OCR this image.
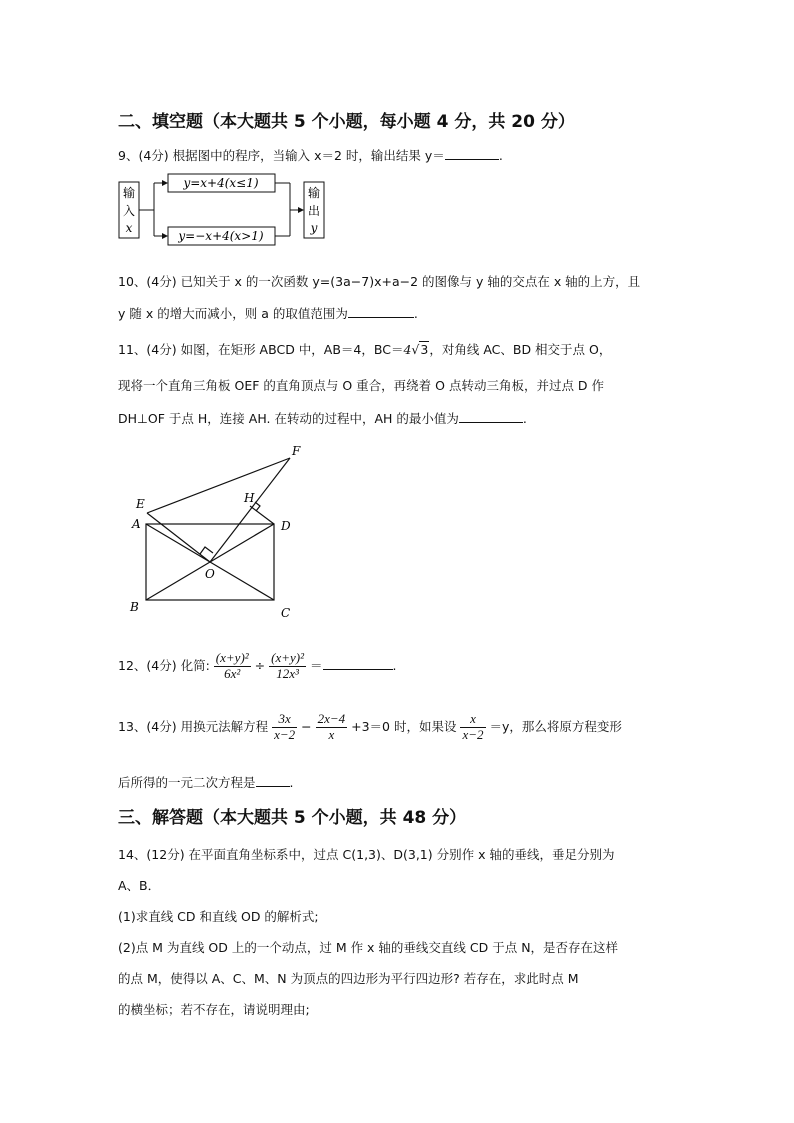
二、填空题（本大题共 5 个小题，每小题 4 分，共 20 分）
9、(4分) 根据图中的程序，当输入 x＝2 时，输出结果 y＝	.
输
入
x
y=x+4(x≤1)
y=−x+4(x>1)
输
出
y
10、(4分) 已知关于 x 的一次函数 y=(3a−7)x+a−2 的图像与 y 轴的交点在 x 轴的上方，且
y 随 x 的增大而减小，则 a 的取值范围为	.
11、(4分) 如图，在矩形 ABCD 中，AB＝4，BC＝4√3，对角线 AC、BD 相交于点 O，
现将一个直角三角板 OEF 的直角顶点与 O 重合，再绕着 O 点转动三角板，并过点 D 作
DH⊥OF 于点 H，连接 AH. 在转动的过程中，AH 的最小值为	.
F
E	H
A	D
O
B	C
12、(4分) 化简: $\frac{\text{(x+y)²}}{\text{6x²}} \div \frac{\text{(x+y)²}}{\text{12x³}}$ ＝	.
13、(4分) 用换元法解方程 $\frac{3x}{x-2} - \frac{2x-4}{x} +3=0$ 时，如果设 $\frac{x}{x-2} =y$，那么将原方程变形
后所得的一元二次方程是	.
三、解答题（本大题共 5 个小题，共 48 分）
14、(12分) 在平面直角坐标系中，过点 C(1,3)、D(3,1) 分别作 x 轴的垂线，垂足分别为
A、B．
(1)求直线 CD 和直线 OD 的解析式;
(2)点 M 为直线 OD 上的一个动点，过 M 作 x 轴的垂线交直线 CD 于点 N，是否存在这样
的点 M，使得以 A、C、M、N 为顶点的四边形为平行四边形? 若存在，求此时点 M
的横坐标；若不存在，请说明理由;
